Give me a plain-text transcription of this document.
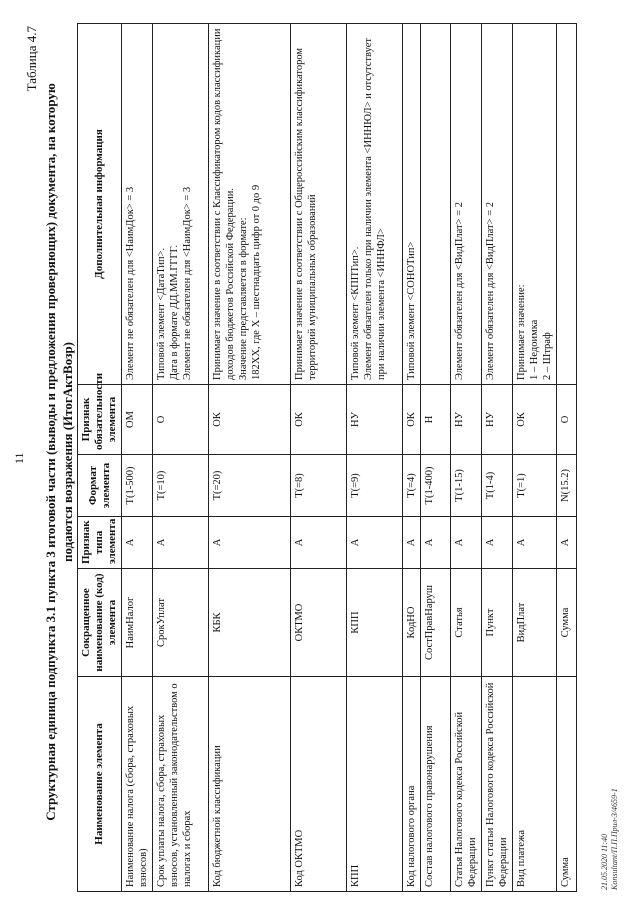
11
Таблица 4.7
Структурная единица подпункта 3.1 пункта 3 итоговой части (выводы и предложения проверяющих) документа, на которую подаются возражения (ИтогАктВозр)
Наименование элемента	Сокращенное наименование (код) элемента	Признак типа элемента	Формат элемента	Признак обязательности элемента	Дополнительная информация
Наименование налога (сбора, страховых взносов)	НаимНалог	А	T(1-500)	ОМ	Элемент не обязателен для <НаимДок> = 3
Срок уплаты налога, сбора, страховых взносов, установленный законодательством о налогах и сборах	СрокУплат	А	T(=10)	О	Типовой элемент <ДатаТип>. Дата в формате ДД.ММ.ГГГГ. Элемент не обязателен для <НаимДок> = 3
Код бюджетной классификации	КБК	А	T(=20)	ОК	Принимает значение в соответствии с Классификатором кодов классификации доходов бюджетов Российской Федерации. Значение представляется в формате: 182ХХ, где Х – шестнадцать цифр от 0 до 9
Код ОКТМО	ОКТМО	А	T(=8)	ОК	Принимает значение в соответствии с Общероссийским классификатором территорий муниципальных образований
КПП	КПП	А	T(=9)	НУ	Типовой элемент <КППТип>. Элемент обязателен только при наличии элемента <ИННЮЛ> и отсутствует при наличии элемента <ИННФЛ>
Код налогового органа	КодНО	А	T(=4)	ОК	Типовой элемент <СОНОТип>
Состав налогового правонарушения	СостПравНаруш	А	T(1-400)	Н	
Статья Налогового кодекса Российской Федерации	Статья	А	T(1-15)	НУ	Элемент обязателен для <ВидПлат> = 2
Пункт статьи Налогового кодекса Российской Федерации	Пункт	А	T(1-4)	НУ	Элемент обязателен для <ВидПлат> = 2
Вид платежа	ВидПлат	А	T(=1)	ОК	Принимает значение: 1 – Недоимка 2 – Штраф
Сумма	Сумма	А	N(15.2)	О	
21.05.2020 11:40 Konsultant/П.П.Прил-3/4659-1
